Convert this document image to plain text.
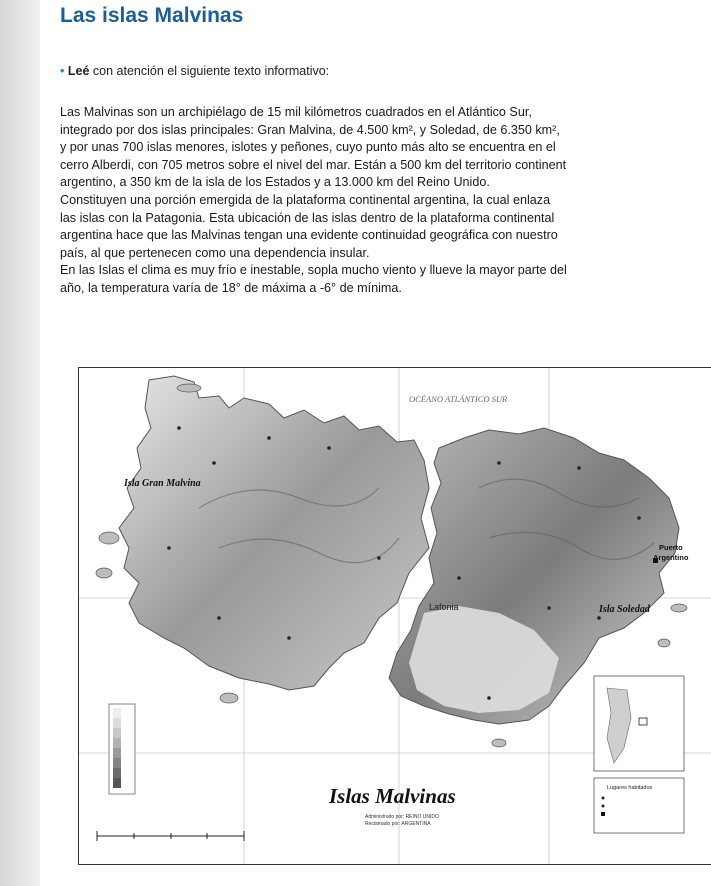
Las islas Malvinas
• Leé con atención el siguiente texto informativo:

Las Malvinas son un archipiélago de 15 mil kilómetros cuadrados en el Atlántico Sur,

integrado por dos islas principales: Gran Malvina, de 4.500 km², y Soledad, de 6.350 km²,

y por unas 700 islas menores, islotes y peñones, cuyo punto más alto se encuentra en el

cerro Alberdi, con 705 metros sobre el nivel del mar. Están a 500 km del territorio continent

argentino, a 350 km de la isla de los Estados y a 13.000 km del Reino Unido.

Constituyen una porción emergida de la plataforma continental argentina, la cual enlaza

las islas con la Patagonia. Esta ubicación de las islas dentro de la plataforma continental

argentina hace que las Malvinas tengan una evidente continuidad geográfica con nuestro

país, al que pertenecen como una dependencia insular.

En las Islas el clima es muy frío e inestable, sopla mucho viento y llueve la mayor parte del

año, la temperatura varía de 18° de máxima a -6° de mínima.

OCÉANO ATLÁNTICO SUR
Isla Gran Malvina
Isla Soledad
Puerto
Argentino
Lafonia
Islas Malvinas
Administrado por: REINO UNIDO
Reclamado por: ARGENTINA
Lugares habitados
